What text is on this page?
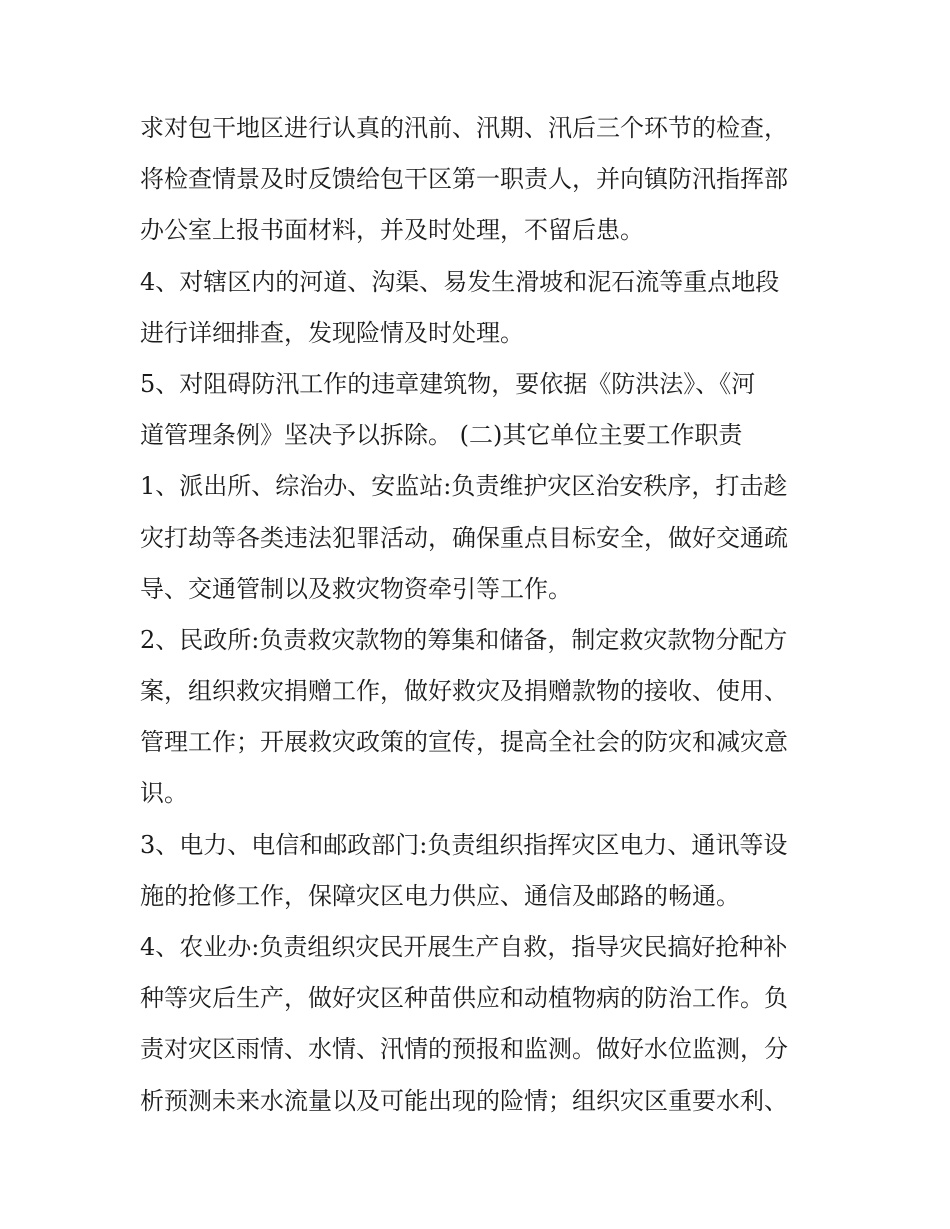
求对包干地区进行认真的汛前、汛期、汛后三个环节的检查，
将检查情景及时反馈给包干区第一职责人，并向镇防汛指挥部
办公室上报书面材料，并及时处理，不留后患。
4、对辖区内的河道、沟渠、易发生滑坡和泥石流等重点地段
进行详细排查，发现险情及时处理。
5、对阻碍防汛工作的违章建筑物，要依据《防洪法》、《河
道管理条例》坚决予以拆除。 (二)其它单位主要工作职责
1、派出所、综治办、安监站:负责维护灾区治安秩序，打击趁
灾打劫等各类违法犯罪活动，确保重点目标安全，做好交通疏
导、交通管制以及救灾物资牵引等工作。
2、民政所:负责救灾款物的筹集和储备，制定救灾款物分配方
案，组织救灾捐赠工作，做好救灾及捐赠款物的接收、使用、
管理工作；开展救灾政策的宣传，提高全社会的防灾和减灾意
识。
3、电力、电信和邮政部门:负责组织指挥灾区电力、通讯等设
施的抢修工作，保障灾区电力供应、通信及邮路的畅通。
4、农业办:负责组织灾民开展生产自救，指导灾民搞好抢种补
种等灾后生产，做好灾区种苗供应和动植物病的防治工作。负
责对灾区雨情、水情、汛情的预报和监测。做好水位监测，分
析预测未来水流量以及可能出现的险情；组织灾区重要水利、
